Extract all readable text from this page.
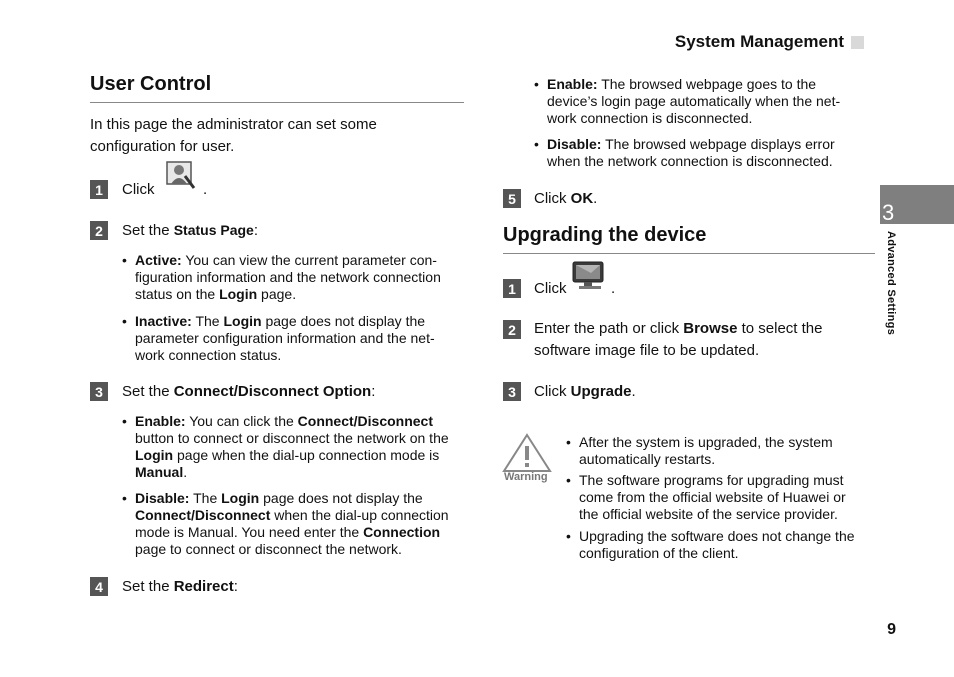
System Management
3
Advanced Settings
User Control
In this page the administrator can set some
configuration for user.
1	Click	.
2	Set the Status Page:
• Active: You can view the current parameter con-
figuration information and the network connection
status on the Login page.
• Inactive: The Login page does not display the
parameter configuration information and the net-
work connection status.
3	Set the Connect/Disconnect Option:
• Enable: You can click the Connect/Disconnect
button to connect or disconnect the network on the
Login page when the dial-up connection mode is
Manual.
• Disable: The Login page does not display the
Connect/Disconnect when the dial-up connection
mode is Manual. You need enter the Connection
page to connect or disconnect the network.
4	Set the Redirect:
• Enable: The browsed webpage goes to the
device’s login page automatically when the net-
work connection is disconnected.
• Disable: The browsed webpage displays error
when the network connection is disconnected.
5	Click OK.
Upgrading the device
1	Click	.
2	Enter the path or click Browse to select the
software image file to be updated.
3	Click Upgrade.
Warning
• After the system is upgraded, the system
automatically restarts.
• The software programs for upgrading must
come from the official website of Huawei or
the official website of the service provider.
• Upgrading the software does not change the
configuration of the client.
9
